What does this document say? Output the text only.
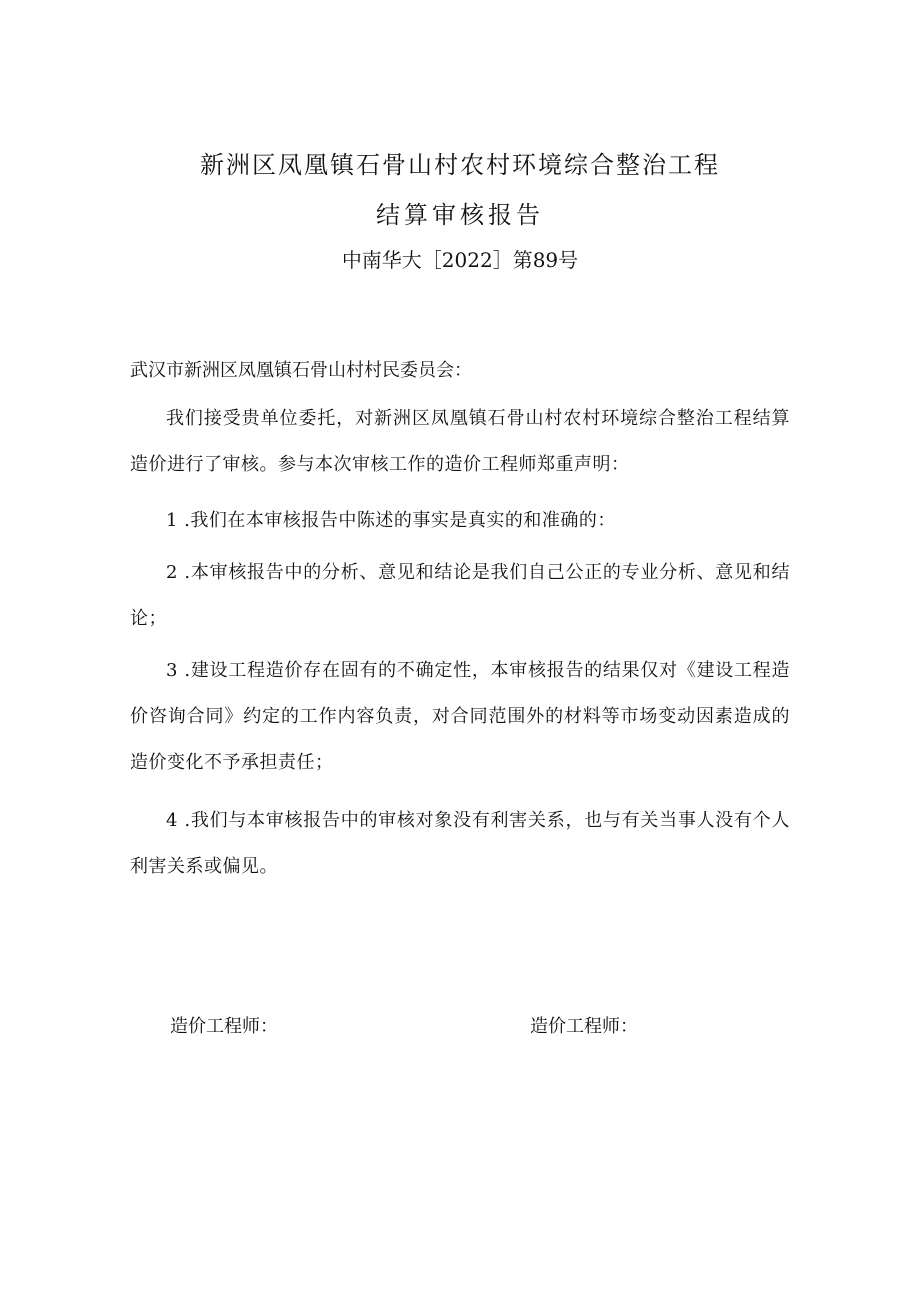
新洲区凤凰镇石骨山村农村环境综合整治工程
结算审核报告
中南华大［2022］第89号
武汉市新洲区凤凰镇石骨山村村民委员会：
我们接受贵单位委托，对新洲区凤凰镇石骨山村农村环境综合整治工程结算造价进行了审核。参与本次审核工作的造价工程师郑重声明：
1 .我们在本审核报告中陈述的事实是真实的和准确的：
2 .本审核报告中的分析、意见和结论是我们自己公正的专业分析、意见和结论；
3 .建设工程造价存在固有的不确定性，本审核报告的结果仅对《建设工程造价咨询合同》约定的工作内容负责，对合同范围外的材料等市场变动因素造成的造价变化不予承担责任；
4 .我们与本审核报告中的审核对象没有利害关系，也与有关当事人没有个人利害关系或偏见。
造价工程师：	造价工程师：
